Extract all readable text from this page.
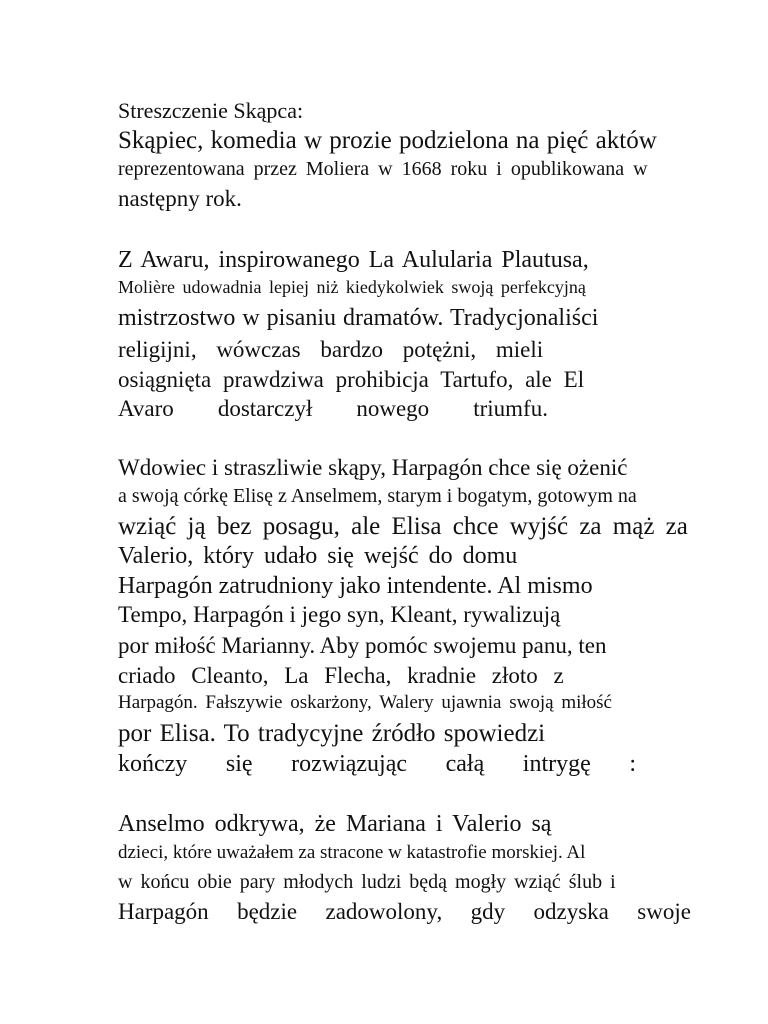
Streszczenie Skąpca:

Skąpiec, komedia w prozie podzielona na pięć aktów

reprezentowana przez Moliera w 1668 roku i opublikowana w

następny rok.

Z Awaru, inspirowanego La Aulularia Plautusa,

Molière udowadnia lepiej niż kiedykolwiek swoją perfekcyjną

mistrzostwo w pisaniu dramatów. Tradycjonaliści

religijni, wówczas bardzo potężni, mieli

osiągnięta prawdziwa prohibicja Tartufo, ale El

Avaro dostarczył nowego triumfu.

Wdowiec i straszliwie skąpy, Harpagón chce się ożenić

a swoją córkę Elisę z Anselmem, starym i bogatym, gotowym na

wziąć ją bez posagu, ale Elisa chce wyjść za mąż za

Valerio, który udało się wejść do domu

Harpagón zatrudniony jako intendente. Al mismo

Tempo, Harpagón i jego syn, Kleant, rywalizują

por miłość Marianny. Aby pomóc swojemu panu, ten

criado Cleanto, La Flecha, kradnie złoto z

Harpagón. Fałszywie oskarżony, Walery ujawnia swoją miłość

por Elisa. To tradycyjne źródło spowiedzi

kończy się rozwiązując całą intrygę :

Anselmo odkrywa, że Mariana i Valerio są

dzieci, które uważałem za stracone w katastrofie morskiej. Al

w końcu obie pary młodych ludzi będą mogły wziąć ślub i

Harpagón będzie zadowolony, gdy odzyska swoje
